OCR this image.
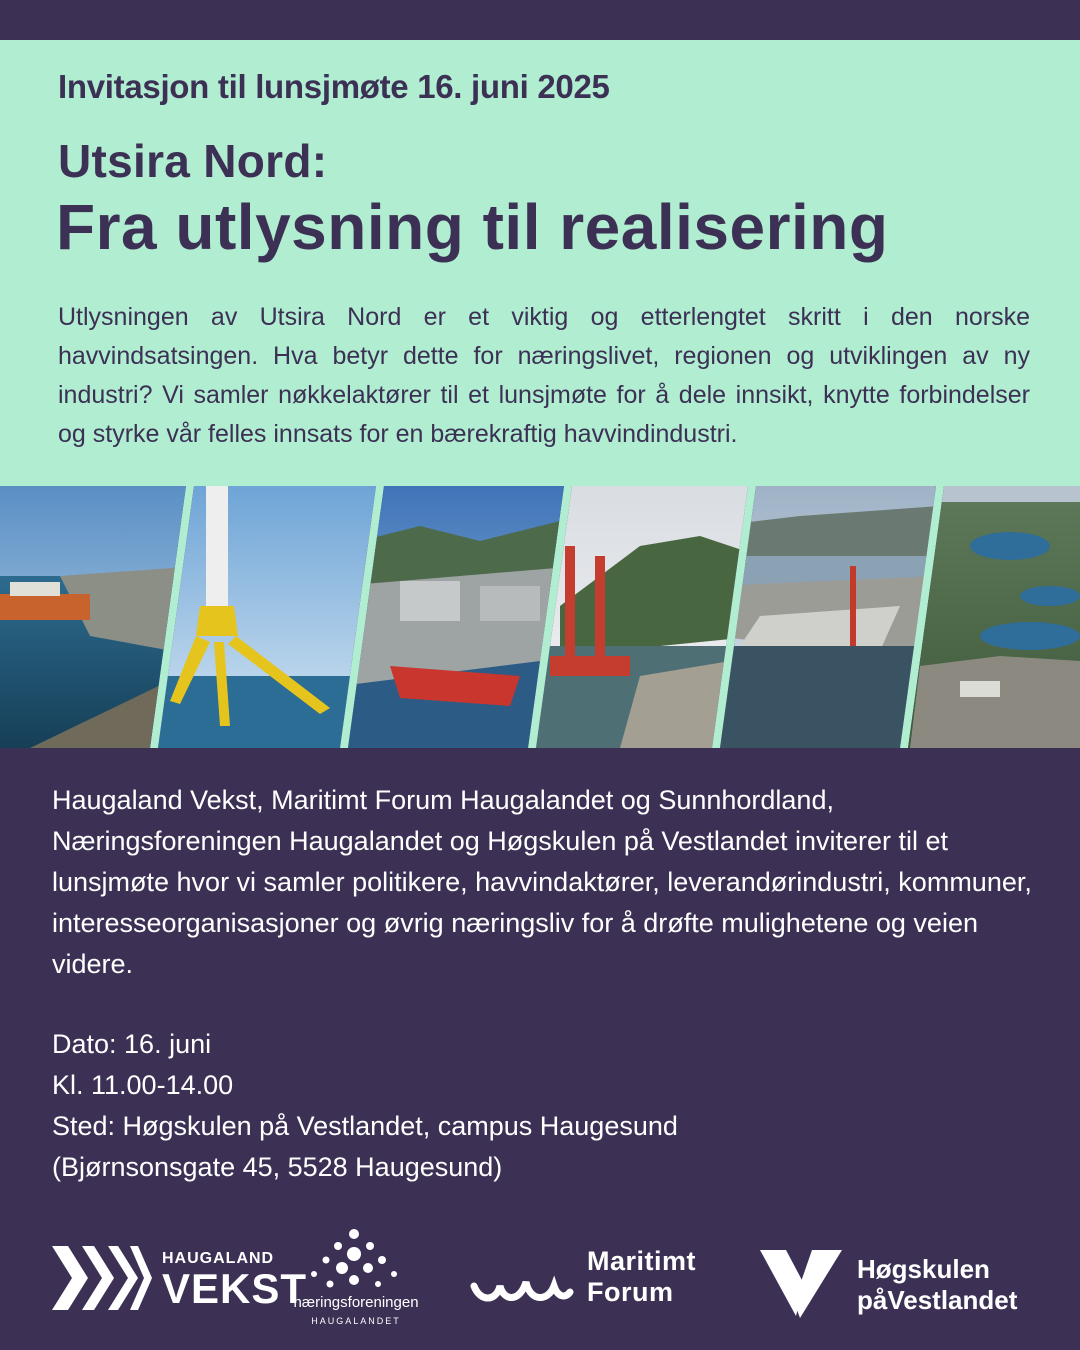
Invitasjon til lunsjmøte 16. juni 2025
Utsira Nord:
Fra utlysning til realisering

Utlysningen av Utsira Nord er et viktig og etterlengtet skritt i den norske havvindsatsingen. Hva betyr dette for næringslivet, regionen og utviklingen av ny industri? Vi samler nøkkelaktører til et lunsjmøte for å dele innsikt, knytte forbindelser og styrke vår felles innsats for en bærekraftig havvindindustri.

Haugaland Vekst, Maritimt Forum Haugalandet og Sunnhordland, Næringsforeningen Haugalandet og Høgskulen på Vestlandet inviterer til et lunsjmøte hvor vi samler politikere, havvindaktører, leverandørindustri, kommuner, interesseorganisasjoner og øvrig næringsliv for å drøfte mulighetene og veien videre.

Dato: 16. juni
Kl. 11.00-14.00
Sted: Høgskulen på Vestlandet, campus Haugesund
(Bjørnsonsgate 45, 5528 Haugesund)
HAUGALAND
VEKST
næringsforeningen
HAUGALANDET
Maritimt
Forum
Høgskulen
påVestlandet
